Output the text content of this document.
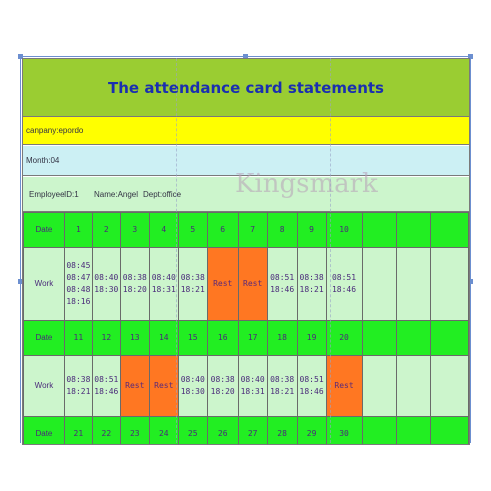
The attendance card statements
canpany:epordo
Month:04
Employee ID:1 Name:Angel Dept:office Kingsmark
Date	1	2	3	4	5	6	7	8	9	10			
Work	08:45
08:47
08:48
18:16	08:40
18:30	08:38
18:20	08:40
18:31	08:38
18:21	Rest	Rest	08:51
18:46	08:38
18:21	08:51
18:46			
Date	11	12	13	14	15	16	17	18	19	20			
Work	08:38
18:21	08:51
18:46	Rest	Rest	08:40
18:30	08:38
18:20	08:40
18:31	08:38
18:21	08:51
18:46	Rest			
Date	21	22	23	24	25	26	27	28	29	30			
